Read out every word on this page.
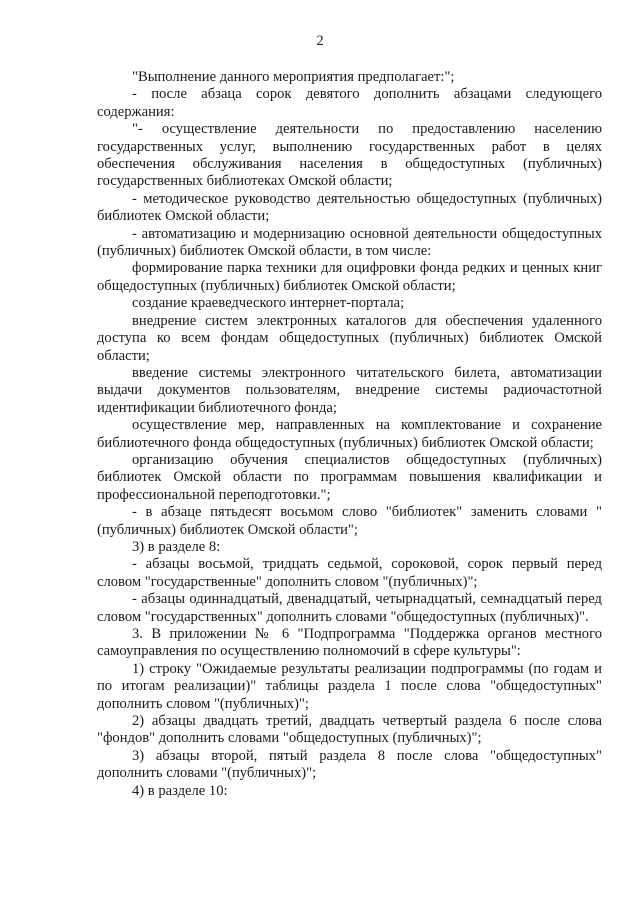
2

"Выполнение данного мероприятия предполагает:";

- после абзаца сорок девятого дополнить абзацами следующего содержания:

"- осуществление деятельности по предоставлению населению государственных услуг, выполнению государственных работ в целях обеспечения обслуживания населения в общедоступных (публичных) государственных библиотеках Омской области;

- методическое руководство деятельностью общедоступных (публичных) библиотек Омской области;

- автоматизацию и модернизацию основной деятельности общедоступных (публичных) библиотек Омской области, в том числе:

формирование парка техники для оцифровки фонда редких и ценных книг общедоступных (публичных) библиотек Омской области;

создание краеведческого интернет-портала;

внедрение систем электронных каталогов для обеспечения удаленного доступа ко всем фондам общедоступных (публичных) библиотек Омской области;

введение системы электронного читательского билета, автоматизации выдачи документов пользователям, внедрение системы радиочастотной идентификации библиотечного фонда;

осуществление мер, направленных на комплектование и сохранение библиотечного фонда общедоступных (публичных) библиотек Омской области;

организацию обучения специалистов общедоступных (публичных) библиотек Омской области по программам повышения квалификации и профессиональной переподготовки.";

- в абзаце пятьдесят восьмом слово "библиотек" заменить словами "(публичных) библиотек Омской области";

3) в разделе 8:

- абзацы восьмой, тридцать седьмой, сороковой, сорок первый перед словом "государственные" дополнить словом "(публичных)";

- абзацы одиннадцатый, двенадцатый, четырнадцатый, семнадцатый перед словом "государственных" дополнить словами "общедоступных (публичных)".

3. В приложении № 6 "Подпрограмма "Поддержка органов местного самоуправления по осуществлению полномочий в сфере культуры":

1) строку "Ожидаемые результаты реализации подпрограммы (по годам и по итогам реализации)" таблицы раздела 1 после слова "общедоступных" дополнить словом "(публичных)";

2) абзацы двадцать третий, двадцать четвертый раздела 6 после слова "фондов" дополнить словами "общедоступных (публичных)";

3) абзацы второй, пятый раздела 8 после слова "общедоступных" дополнить словами "(публичных)";

4) в разделе 10:
